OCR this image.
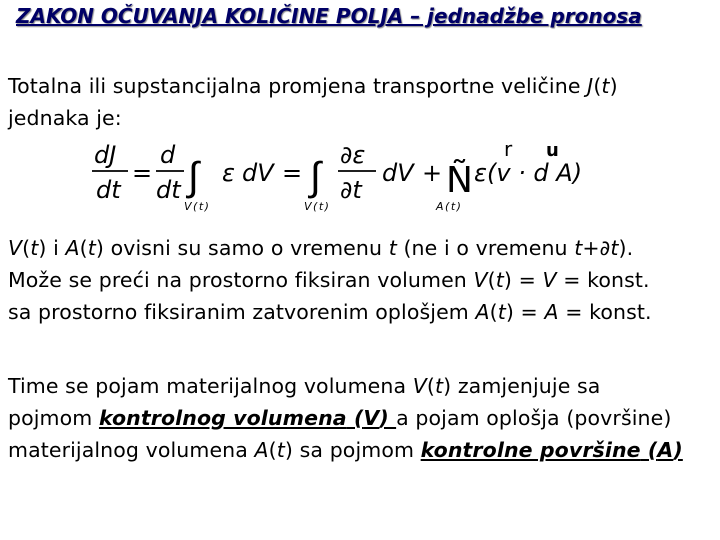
ZAKON OČUVANJA KOLIČINE POLJA – jednadžbe pronosa
Totalna ili supstancijalna promjena transportne veličine J(t)
jednaka je:
dJ
dt
=
d
dt ∫
V(t)
ε dV = ∫
V(t)
∂ε
∂t
dV + Ñ
A(t)
r u
ε(v · d A)
V(t) i A(t) ovisni su samo o vremenu t (ne i o vremenu t+∂t).
Može se preći na prostorno fiksiran volumen V(t) = V = konst.
sa prostorno fiksiranim zatvorenim oplošjem A(t) = A = konst.
Time se pojam materijalnog volumena V(t) zamjenjuje sa
pojmom kontrolnog volumena (V) a pojam oplošja (površine)
materijalnog volumena A(t) sa pojmom kontrolne površine (A)
